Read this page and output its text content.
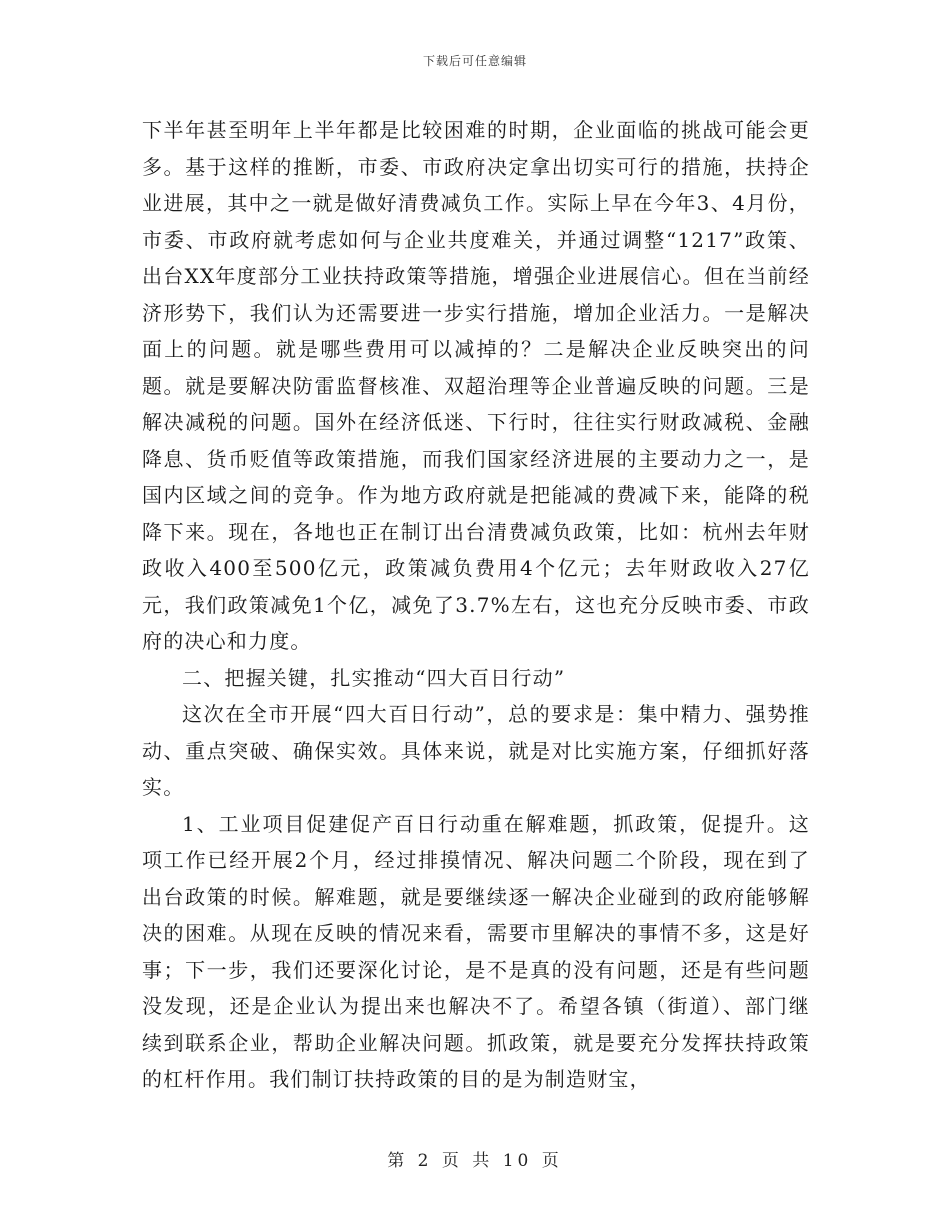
下载后可任意编辑

下半年甚至明年上半年都是比较困难的时期，企业面临的挑战可能会更多。基于这样的推断，市委、市政府决定拿出切实可行的措施，扶持企业进展，其中之一就是做好清费减负工作。实际上早在今年3、4月份，市委、市政府就考虑如何与企业共度难关，并通过调整“1217”政策、出台XX年度部分工业扶持政策等措施，增强企业进展信心。但在当前经济形势下，我们认为还需要进一步实行措施，增加企业活力。一是解决面上的问题。就是哪些费用可以减掉的？二是解决企业反映突出的问题。就是要解决防雷监督核准、双超治理等企业普遍反映的问题。三是解决减税的问题。国外在经济低迷、下行时，往往实行财政减税、金融降息、货币贬值等政策措施，而我们国家经济进展的主要动力之一，是国内区域之间的竞争。作为地方政府就是把能减的费减下来，能降的税降下来。现在，各地也正在制订出台清费减负政策，比如：杭州去年财政收入400至500亿元，政策减负费用4个亿元；去年财政收入27亿元，我们政策减免1个亿，减免了3.7%左右，这也充分反映市委、市政府的决心和力度。

二、把握关键，扎实推动“四大百日行动”

这次在全市开展“四大百日行动”，总的要求是：集中精力、强势推动、重点突破、确保实效。具体来说，就是对比实施方案，仔细抓好落实。

1、工业项目促建促产百日行动重在解难题，抓政策，促提升。这项工作已经开展2个月，经过排摸情况、解决问题二个阶段，现在到了出台政策的时候。解难题，就是要继续逐一解决企业碰到的政府能够解决的困难。从现在反映的情况来看，需要市里解决的事情不多，这是好事；下一步，我们还要深化讨论，是不是真的没有问题，还是有些问题没发现，还是企业认为提出来也解决不了。希望各镇（街道）、部门继续到联系企业，帮助企业解决问题。抓政策，就是要充分发挥扶持政策的杠杆作用。我们制订扶持政策的目的是为制造财宝，

第 2 页 共 10 页
